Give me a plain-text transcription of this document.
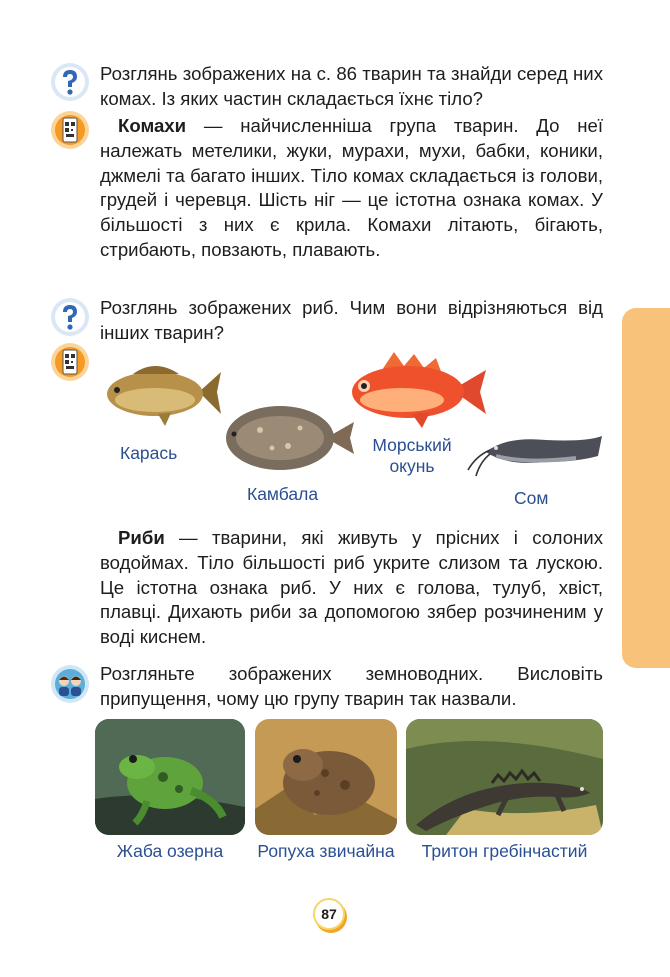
Розглянь зображених на с. 86 тварин та знайди серед них комах. Із яких частин складається їхнє тіло?

Комахи — найчисленніша група тварин. До неї належать метелики, жуки, мурахи, мухи, бабки, коники, джмелі та багато інших. Тіло комах складається із голови, грудей і черевця. Шість ніг — це істотна ознака комах. У більшості з них є крила. Комахи літають, бігають, стрибають, повзають, плавають.

Розглянь зображених риб. Чим вони відрізняються від інших тварин?

Карась
Камбала
Морський
окунь
Сом

Риби — тварини, які живуть у прісних і солоних водоймах. Тіло більшості риб укрите слизом та лускою. Це істотна ознака риб. У них є голова, тулуб, хвіст, плавці. Дихають риби за допомогою зябер розчиненим у воді киснем.

Розгляньте зображених земноводних. Висловіть припущення, чому цю групу тварин так назвали.

Жаба озерна	Ропуха звичайна	Тритон гребінчастий
87
